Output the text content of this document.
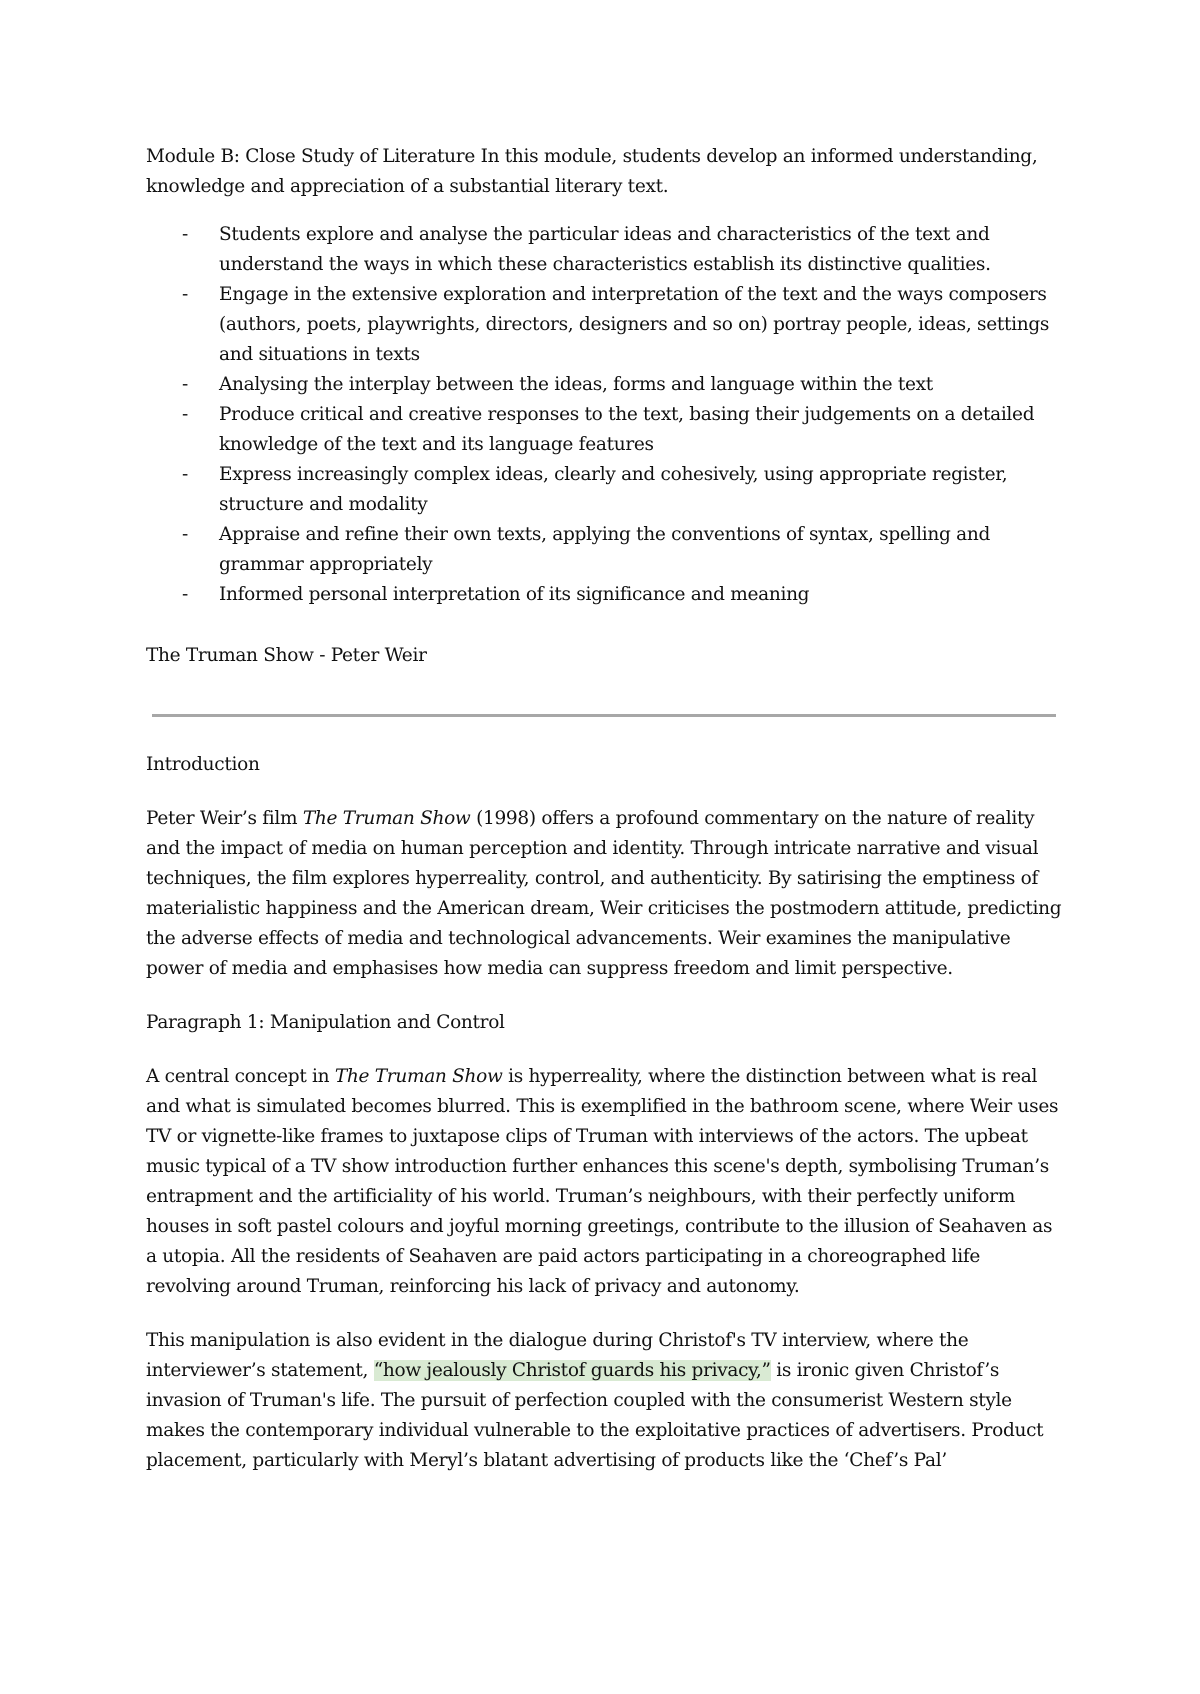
Module B: Close Study of Literature In this module, students develop an informed understanding, knowledge and appreciation of a substantial literary text.

- Students explore and analyse the particular ideas and characteristics of the text and understand the ways in which these characteristics establish its distinctive qualities.
- Engage in the extensive exploration and interpretation of the text and the ways composers (authors, poets, playwrights, directors, designers and so on) portray people, ideas, settings and situations in texts
- Analysing the interplay between the ideas, forms and language within the text
- Produce critical and creative responses to the text, basing their judgements on a detailed knowledge of the text and its language features
- Express increasingly complex ideas, clearly and cohesively, using appropriate register, structure and modality
- Appraise and refine their own texts, applying the conventions of syntax, spelling and grammar appropriately
- Informed personal interpretation of its significance and meaning

The Truman Show - Peter Weir

Introduction

Peter Weir’s film The Truman Show (1998) offers a profound commentary on the nature of reality and the impact of media on human perception and identity. Through intricate narrative and visual techniques, the film explores hyperreality, control, and authenticity. By satirising the emptiness of materialistic happiness and the American dream, Weir criticises the postmodern attitude, predicting the adverse effects of media and technological advancements. Weir examines the manipulative power of media and emphasises how media can suppress freedom and limit perspective.

Paragraph 1: Manipulation and Control

A central concept in The Truman Show is hyperreality, where the distinction between what is real and what is simulated becomes blurred. This is exemplified in the bathroom scene, where Weir uses TV or vignette-like frames to juxtapose clips of Truman with interviews of the actors. The upbeat music typical of a TV show introduction further enhances this scene's depth, symbolising Truman’s entrapment and the artificiality of his world. Truman’s neighbours, with their perfectly uniform houses in soft pastel colours and joyful morning greetings, contribute to the illusion of Seahaven as a utopia. All the residents of Seahaven are paid actors participating in a choreographed life revolving around Truman, reinforcing his lack of privacy and autonomy.

This manipulation is also evident in the dialogue during Christof's TV interview, where the interviewer’s statement, “how jealously Christof guards his privacy,” is ironic given Christof’s invasion of Truman's life. The pursuit of perfection coupled with the consumerist Western style makes the contemporary individual vulnerable to the exploitative practices of advertisers. Product placement, particularly with Meryl’s blatant advertising of products like the ‘Chef’s Pal’
